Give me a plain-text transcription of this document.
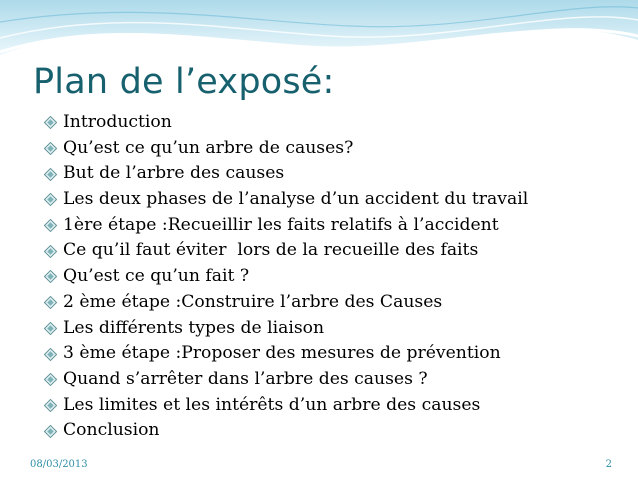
Plan de l’exposé:
Introduction
Qu’est ce qu’un arbre de causes?
But de l’arbre des causes
Les deux phases de l’analyse d’un accident du travail
1ère étape :Recueillir les faits relatifs à l’accident
Ce qu’il faut éviter  lors de la recueille des faits
Qu’est ce qu’un fait ?
2 ème étape :Construire l’arbre des Causes
Les différents types de liaison
3 ème étape :Proposer des mesures de prévention
Quand s’arrêter dans l’arbre des causes ?
Les limites et les intérêts d’un arbre des causes
Conclusion
08/03/2013	2
